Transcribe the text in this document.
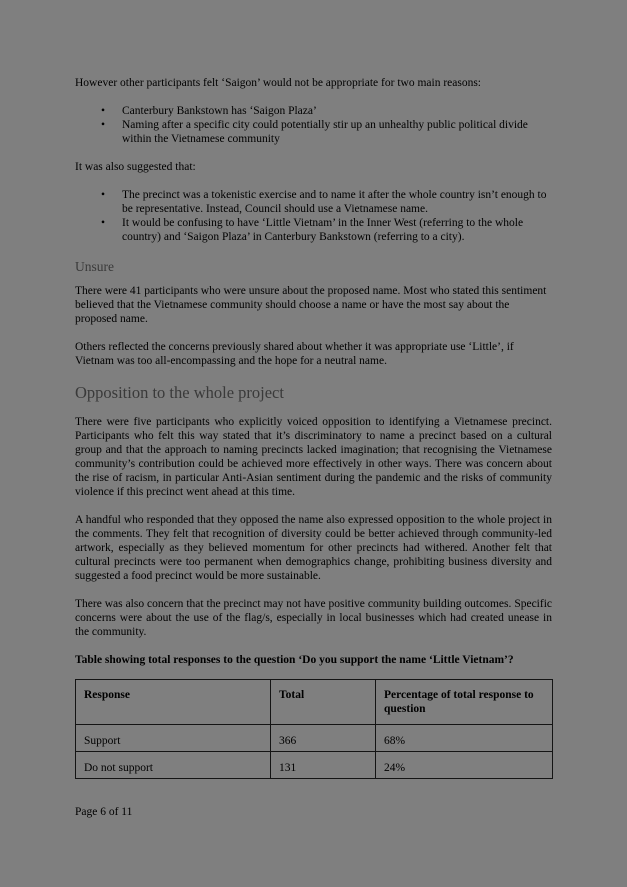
However other participants felt ‘Saigon’ would not be appropriate for two main reasons:

• Canterbury Bankstown has ‘Saigon Plaza’
• Naming after a specific city could potentially stir up an unhealthy public political divide within the Vietnamese community

It was also suggested that:

• The precinct was a tokenistic exercise and to name it after the whole country isn’t enough to be representative. Instead, Council should use a Vietnamese name.
• It would be confusing to have ‘Little Vietnam’ in the Inner West (referring to the whole country) and ‘Saigon Plaza’ in Canterbury Bankstown (referring to a city).
Unsure

There were 41 participants who were unsure about the proposed name. Most who stated this sentiment believed that the Vietnamese community should choose a name or have the most say about the proposed name.

Others reflected the concerns previously shared about whether it was appropriate use ‘Little’, if Vietnam was too all-encompassing and the hope for a neutral name.

Opposition to the whole project

There were five participants who explicitly voiced opposition to identifying a Vietnamese precinct. Participants who felt this way stated that it’s discriminatory to name a precinct based on a cultural group and that the approach to naming precincts lacked imagination; that recognising the Vietnamese community’s contribution could be achieved more effectively in other ways. There was concern about the rise of racism, in particular Anti-Asian sentiment during the pandemic and the risks of community violence if this precinct went ahead at this time.

A handful who responded that they opposed the name also expressed opposition to the whole project in the comments. They felt that recognition of diversity could be better achieved through community-led artwork, especially as they believed momentum for other precincts had withered. Another felt that cultural precincts were too permanent when demographics change, prohibiting business diversity and suggested a food precinct would be more sustainable.

There was also concern that the precinct may not have positive community building outcomes. Specific concerns were about the use of the flag/s, especially in local businesses which had created unease in the community.

Table showing total responses to the question ‘Do you support the name ‘Little Vietnam’?

Response	Total	Percentage of total response to question
Support	366	68%
Do not support	131	24%
Page 6 of 11
